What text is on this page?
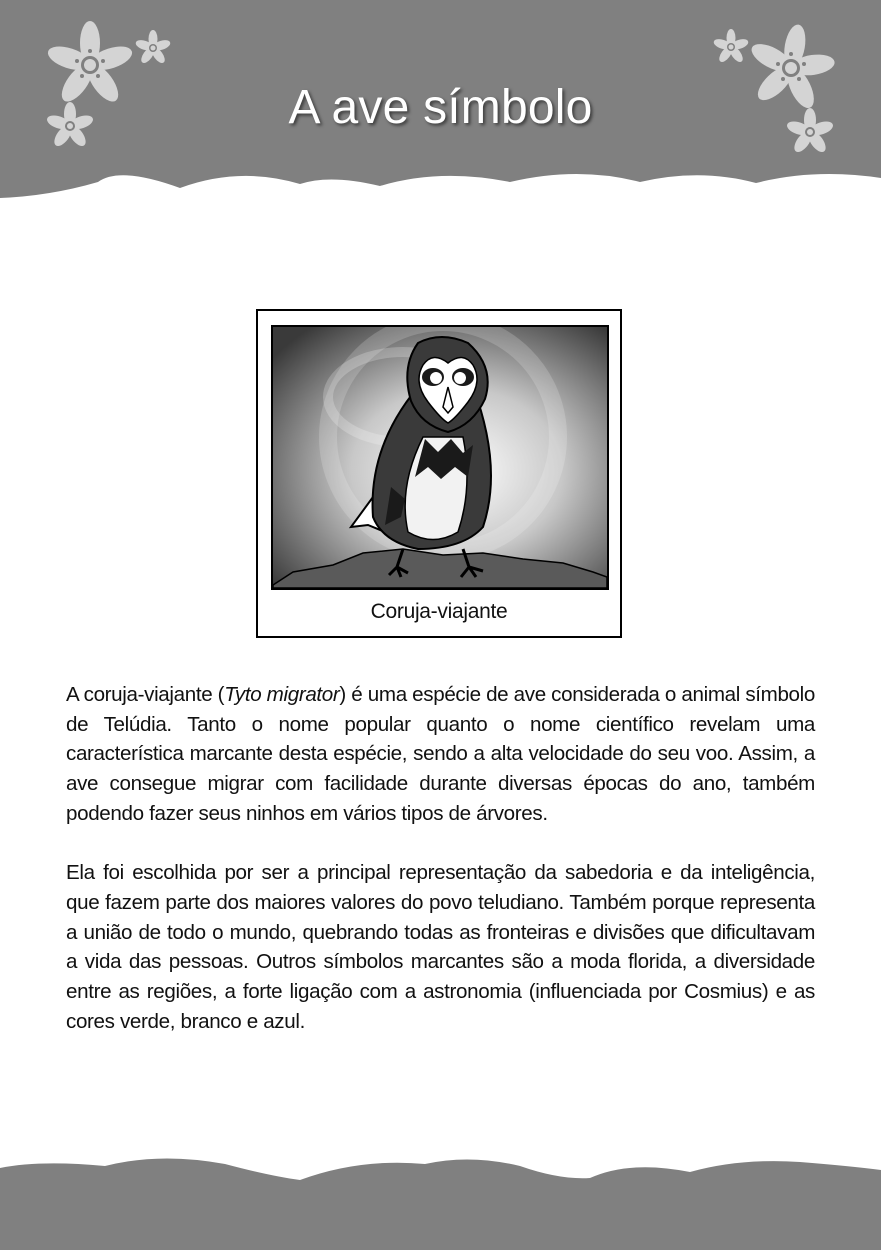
A ave símbolo
Coruja-viajante

A coruja-viajante (Tyto migrator) é uma espécie de ave considerada o animal símbolo de Telúdia. Tanto o nome popular quanto o nome científico revelam uma característica marcante desta espécie, sendo a alta velocidade do seu voo. Assim, a ave consegue migrar com facilidade durante diversas épocas do ano, também podendo fazer seus ninhos em vários tipos de árvores.

Ela foi escolhida por ser a principal representação da sabedoria e da inteligência, que fazem parte dos maiores valores do povo teludiano. Também porque representa a união de todo o mundo, quebrando todas as fronteiras e divisões que dificultavam a vida das pessoas. Outros símbolos marcantes são a moda florida, a diversidade entre as regiões, a forte ligação com a astronomia (influenciada por Cosmius) e as cores verde, branco e azul.
